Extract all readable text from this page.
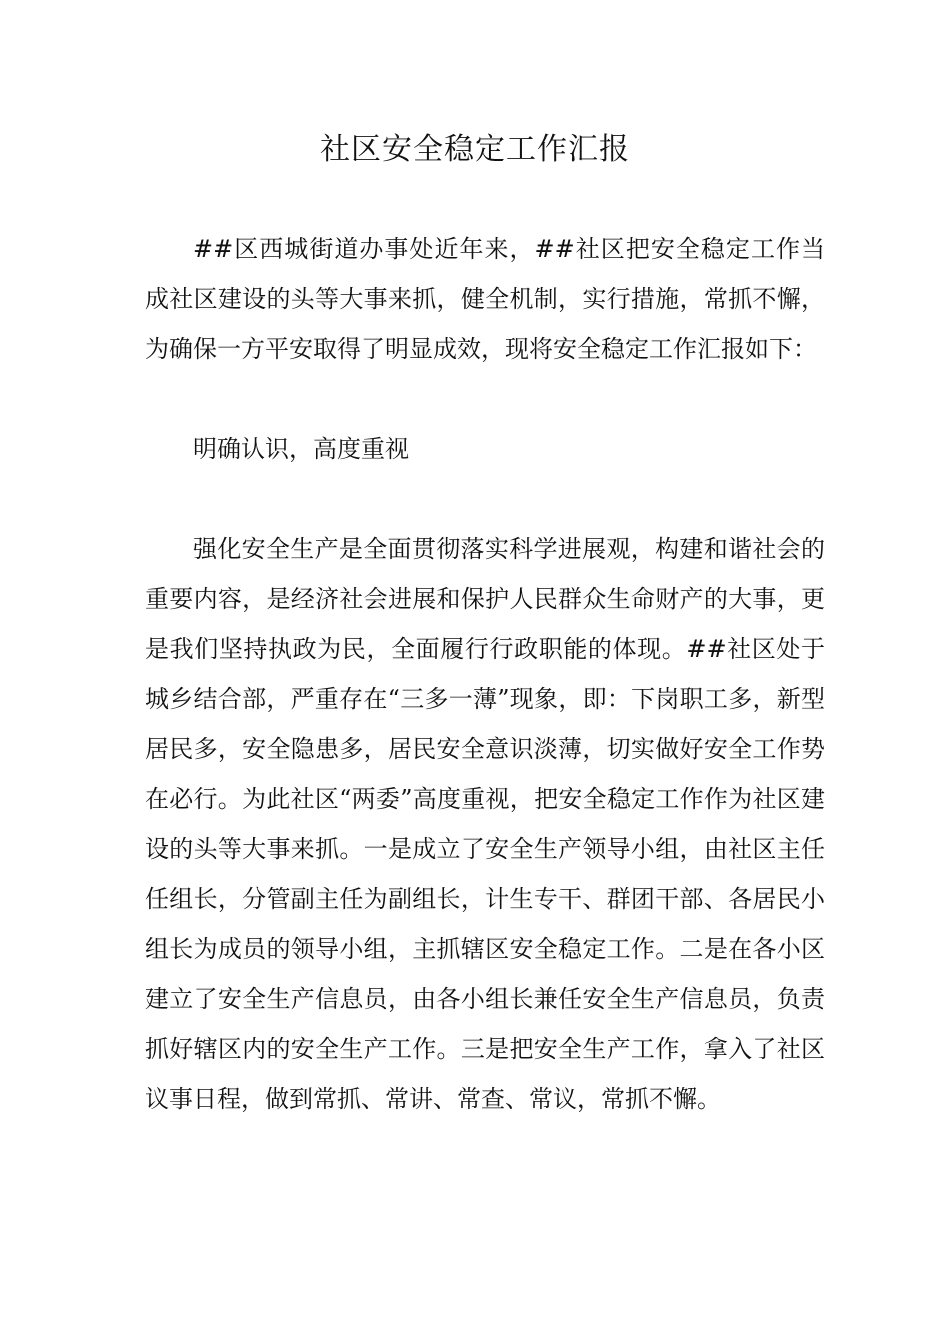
社区安全稳定工作汇报

##区西城街道办事处近年来，##社区把安全稳定工作当成社区建设的头等大事来抓，健全机制，实行措施，常抓不懈，为确保一方平安取得了明显成效，现将安全稳定工作汇报如下：

明确认识，高度重视

强化安全生产是全面贯彻落实科学进展观，构建和谐社会的重要内容，是经济社会进展和保护人民群众生命财产的大事，更是我们坚持执政为民，全面履行行政职能的体现。##社区处于城乡结合部，严重存在“三多一薄”现象，即：下岗职工多，新型居民多，安全隐患多，居民安全意识淡薄，切实做好安全工作势在必行。为此社区“两委”高度重视，把安全稳定工作作为社区建设的头等大事来抓。一是成立了安全生产领导小组，由社区主任任组长，分管副主任为副组长，计生专干、群团干部、各居民小组长为成员的领导小组，主抓辖区安全稳定工作。二是在各小区建立了安全生产信息员，由各小组长兼任安全生产信息员，负责抓好辖区内的安全生产工作。三是把安全生产工作，拿入了社区议事日程，做到常抓、常讲、常查、常议，常抓不懈。
